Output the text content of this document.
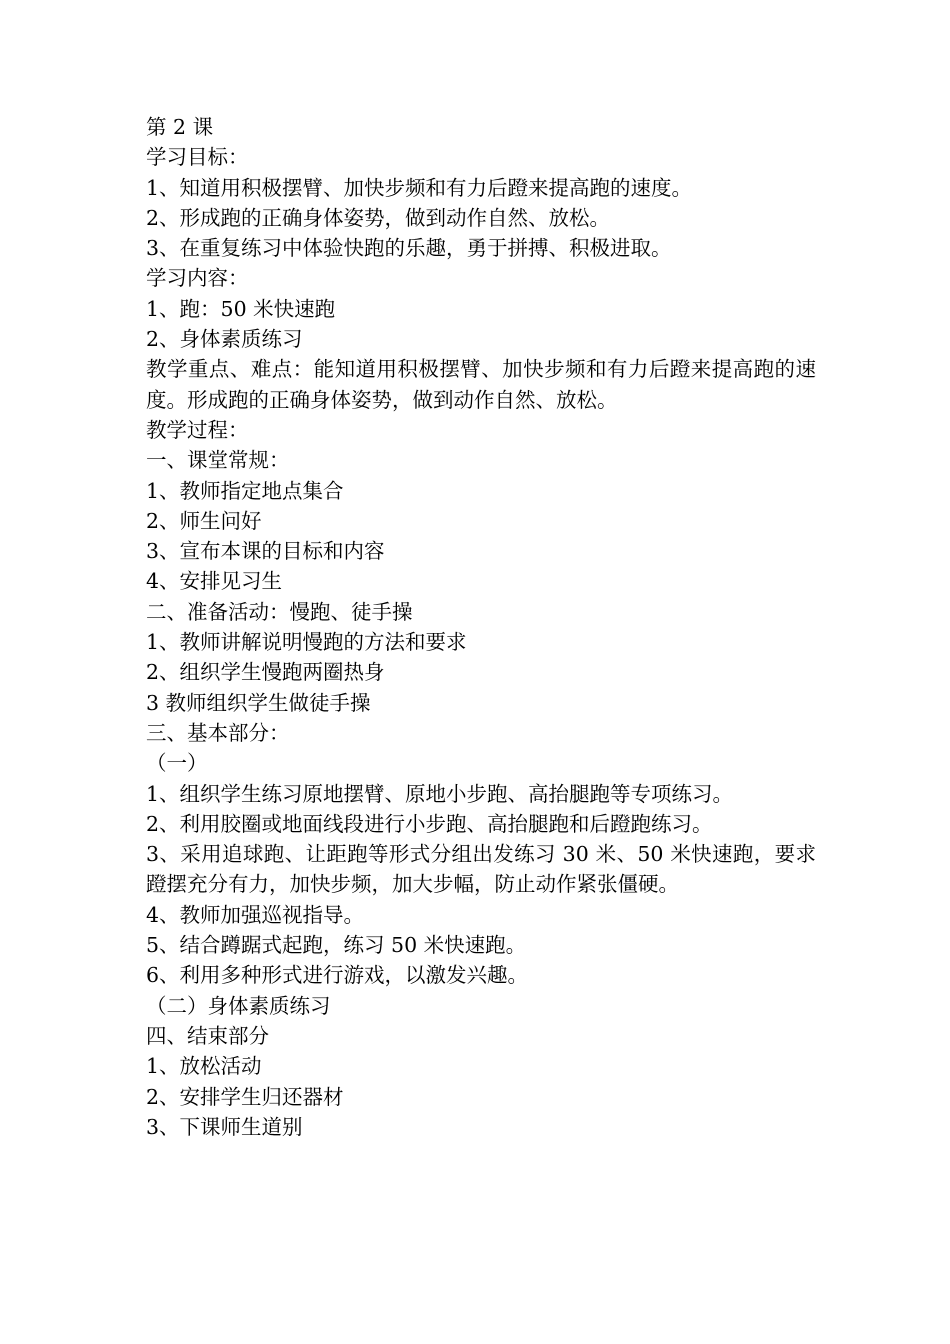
第 2 课
学习目标：
1、知道用积极摆臂、加快步频和有力后蹬来提高跑的速度。
2、形成跑的正确身体姿势，做到动作自然、放松。
3、在重复练习中体验快跑的乐趣，勇于拼搏、积极进取。
学习内容：
1、跑：50 米快速跑
2、身体素质练习
教学重点、难点：能知道用积极摆臂、加快步频和有力后蹬来提高跑的速度。形成跑的正确身体姿势，做到动作自然、放松。
教学过程：
一、课堂常规：
1、教师指定地点集合
2、师生问好
3、宣布本课的目标和内容
4、安排见习生
二、准备活动：慢跑、徒手操
1、教师讲解说明慢跑的方法和要求
2、组织学生慢跑两圈热身
3 教师组织学生做徒手操
三、基本部分：
（一）
1、组织学生练习原地摆臂、原地小步跑、高抬腿跑等专项练习。
2、利用胶圈或地面线段进行小步跑、高抬腿跑和后蹬跑练习。
3、采用追球跑、让距跑等形式分组出发练习 30 米、50 米快速跑，要求蹬摆充分有力，加快步频，加大步幅，防止动作紧张僵硬。
4、教师加强巡视指导。
5、结合蹲踞式起跑，练习 50 米快速跑。
6、利用多种形式进行游戏，以激发兴趣。
（二）身体素质练习
四、结束部分
1、放松活动
2、安排学生归还器材
3、下课师生道别
